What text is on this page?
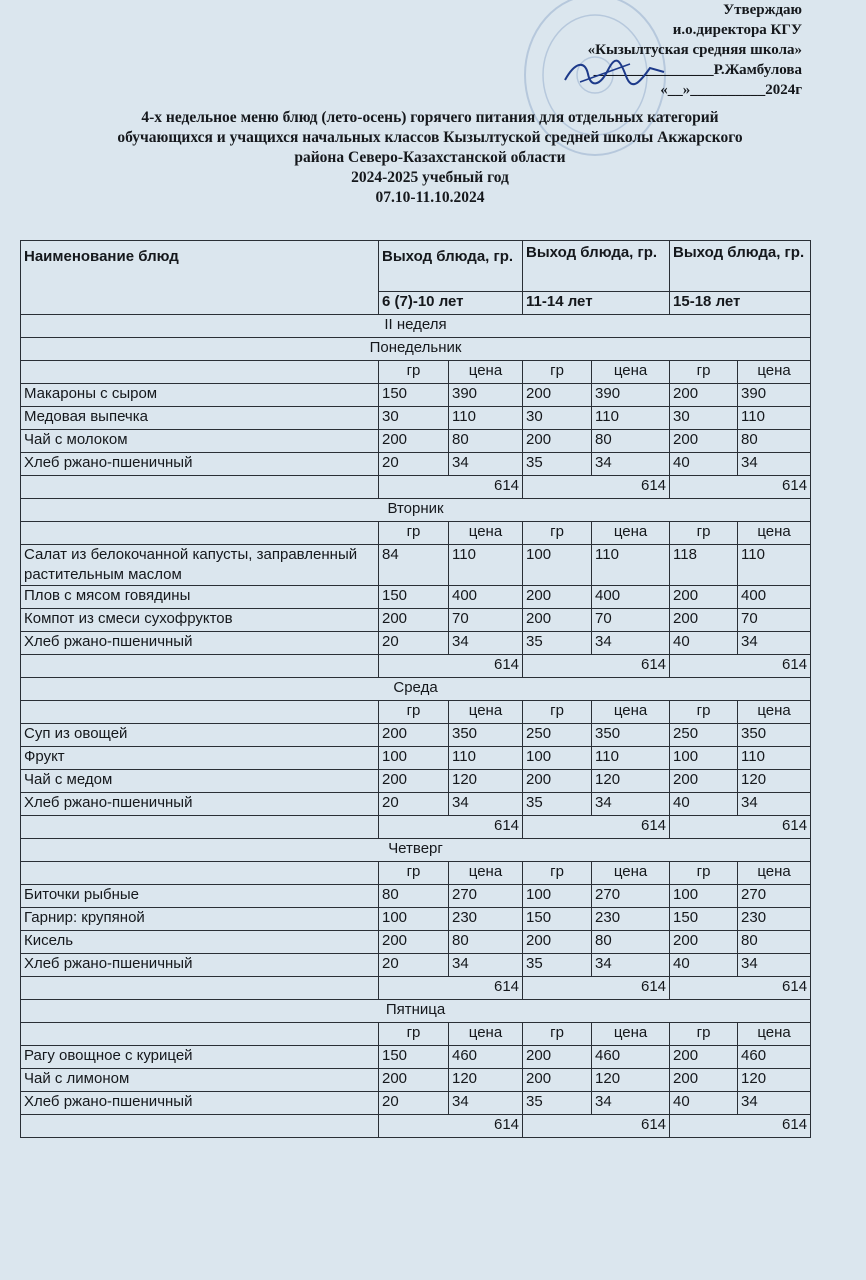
Утверждаю
и.о.директора КГУ
«Кызылтуская средняя школа»
________________Р.Жамбулова
«__»__________2024г
4-х недельное меню блюд (лето-осень) горячего питания для отдельных категорий
обучающихся и учащихся начальных классов Кызылтуской средней школы Акжарского
района Северо-Казахстанской области
2024-2025 учебный год
07.10-11.10.2024
Наименование блюд	Выход блюда, гр.		Выход блюда, гр.		Выход блюда, гр.	
	6 (7)-10 лет		11-14 лет		15-18 лет	
II неделя						
Понедельник						
	гр	цена	гр	цена	гр	цена
Макароны с сыром	150	390	200	390	200	390
Медовая выпечка	30	110	30	110	30	110
Чай с молоком	200	80	200	80	200	80
Хлеб ржано-пшеничный	20	34	35	34	40	34
	614		614		614	
Вторник						
	гр	цена	гр	цена	гр	цена
Салат из белокочанной капусты, заправленный растительным маслом	84	110	100	110	118	110
Плов с мясом говядины	150	400	200	400	200	400
Компот из смеси сухофруктов	200	70	200	70	200	70
Хлеб ржано-пшеничный	20	34	35	34	40	34
	614		614		614	
Среда						
	гр	цена	гр	цена	гр	цена
Суп из овощей	200	350	250	350	250	350
Фрукт	100	110	100	110	100	110
Чай с медом	200	120	200	120	200	120
Хлеб ржано-пшеничный	20	34	35	34	40	34
	614		614		614	
Четверг						
	гр	цена	гр	цена	гр	цена
Биточки рыбные	80	270	100	270	100	270
Гарнир: крупяной	100	230	150	230	150	230
Кисель	200	80	200	80	200	80
Хлеб ржано-пшеничный	20	34	35	34	40	34
	614		614		614	
Пятница						
	гр	цена	гр	цена	гр	цена
Рагу овощное с курицей	150	460	200	460	200	460
Чай с лимоном	200	120	200	120	200	120
Хлеб ржано-пшеничный	20	34	35	34	40	34
	614		614		614	
